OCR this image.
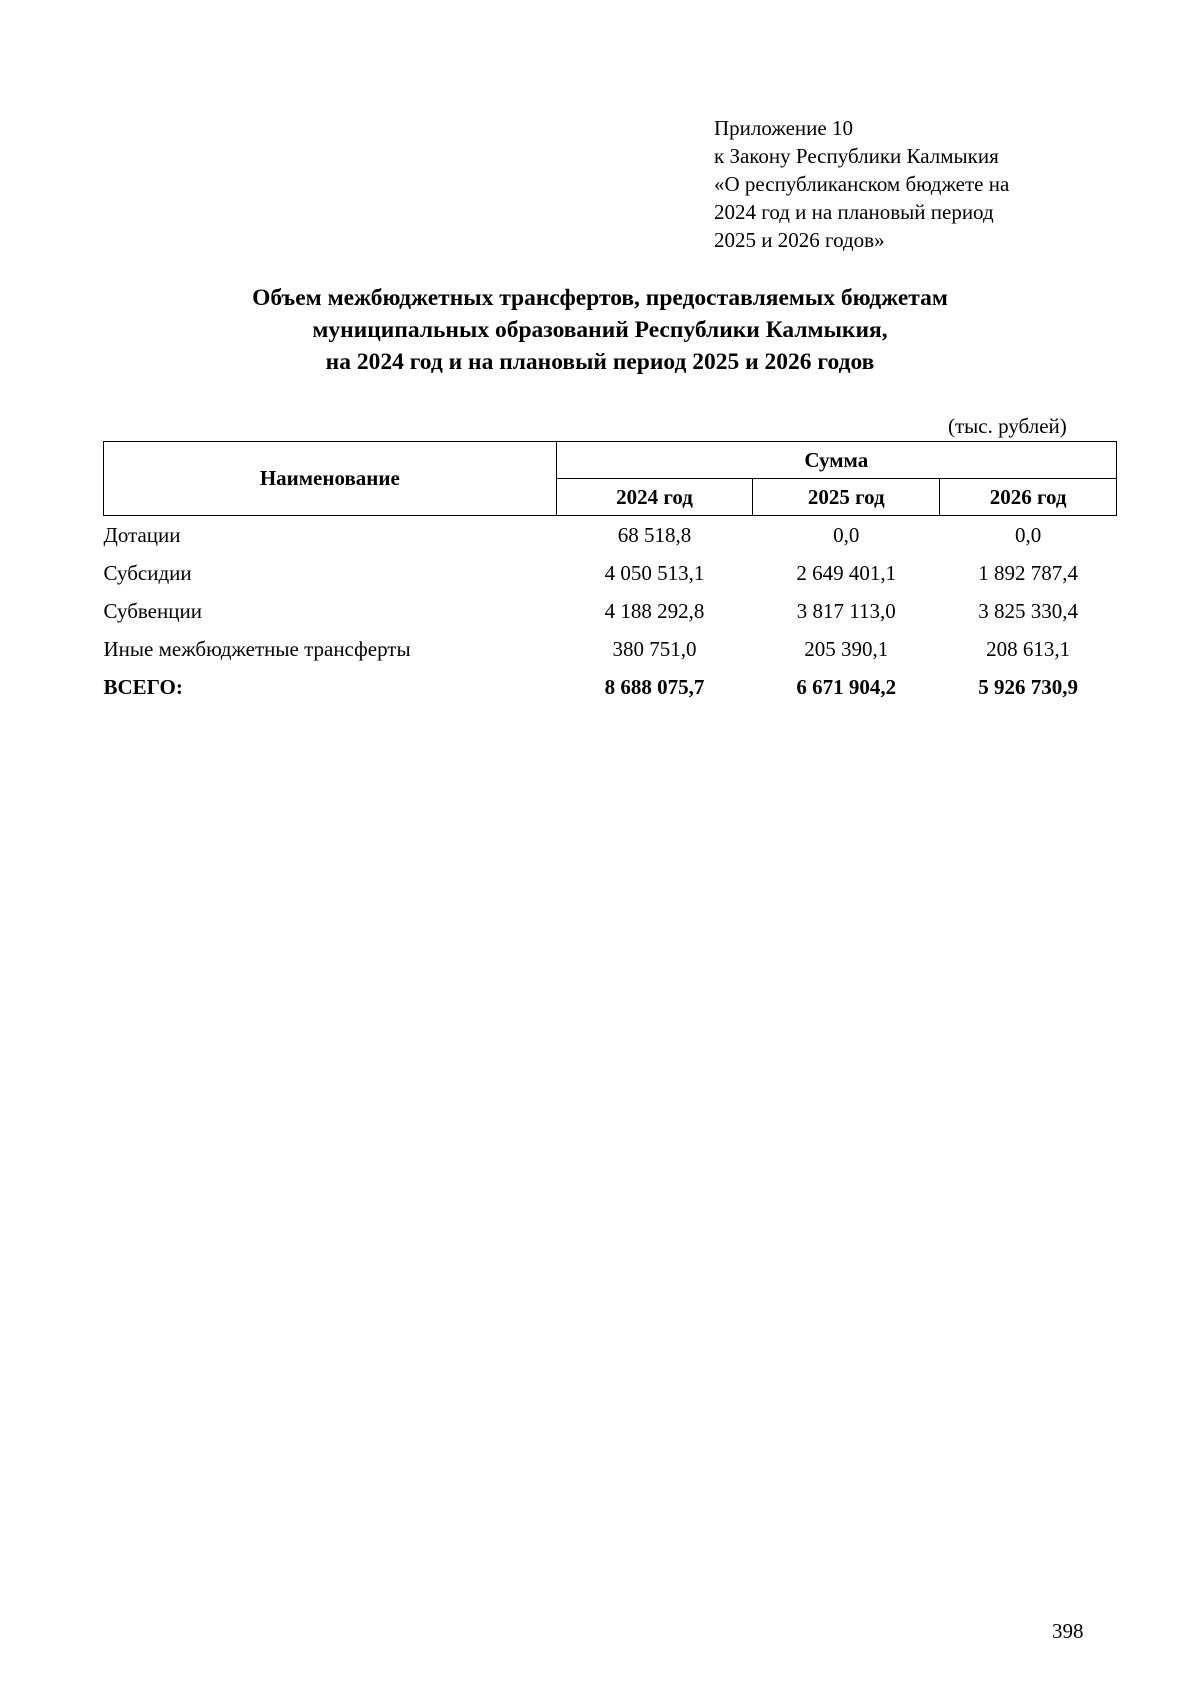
Приложение 10
к Закону Республики Калмыкия
«О республиканском бюджете на
2024 год и на плановый период
2025 и 2026 годов»
Объем межбюджетных трансфертов, предоставляемых бюджетам
муниципальных образований Республики Калмыкия,
на 2024 год и на плановый период 2025 и 2026 годов
(тыс. рублей)
Наименование	Сумма		
	2024 год	2025 год	2026 год
Дотации	68 518,8	0,0	0,0
Субсидии	4 050 513,1	2 649 401,1	1 892 787,4
Субвенции	4 188 292,8	3 817 113,0	3 825 330,4
Иные межбюджетные трансферты	380 751,0	205 390,1	208 613,1
ВСЕГО:	8 688 075,7	6 671 904,2	5 926 730,9
398
